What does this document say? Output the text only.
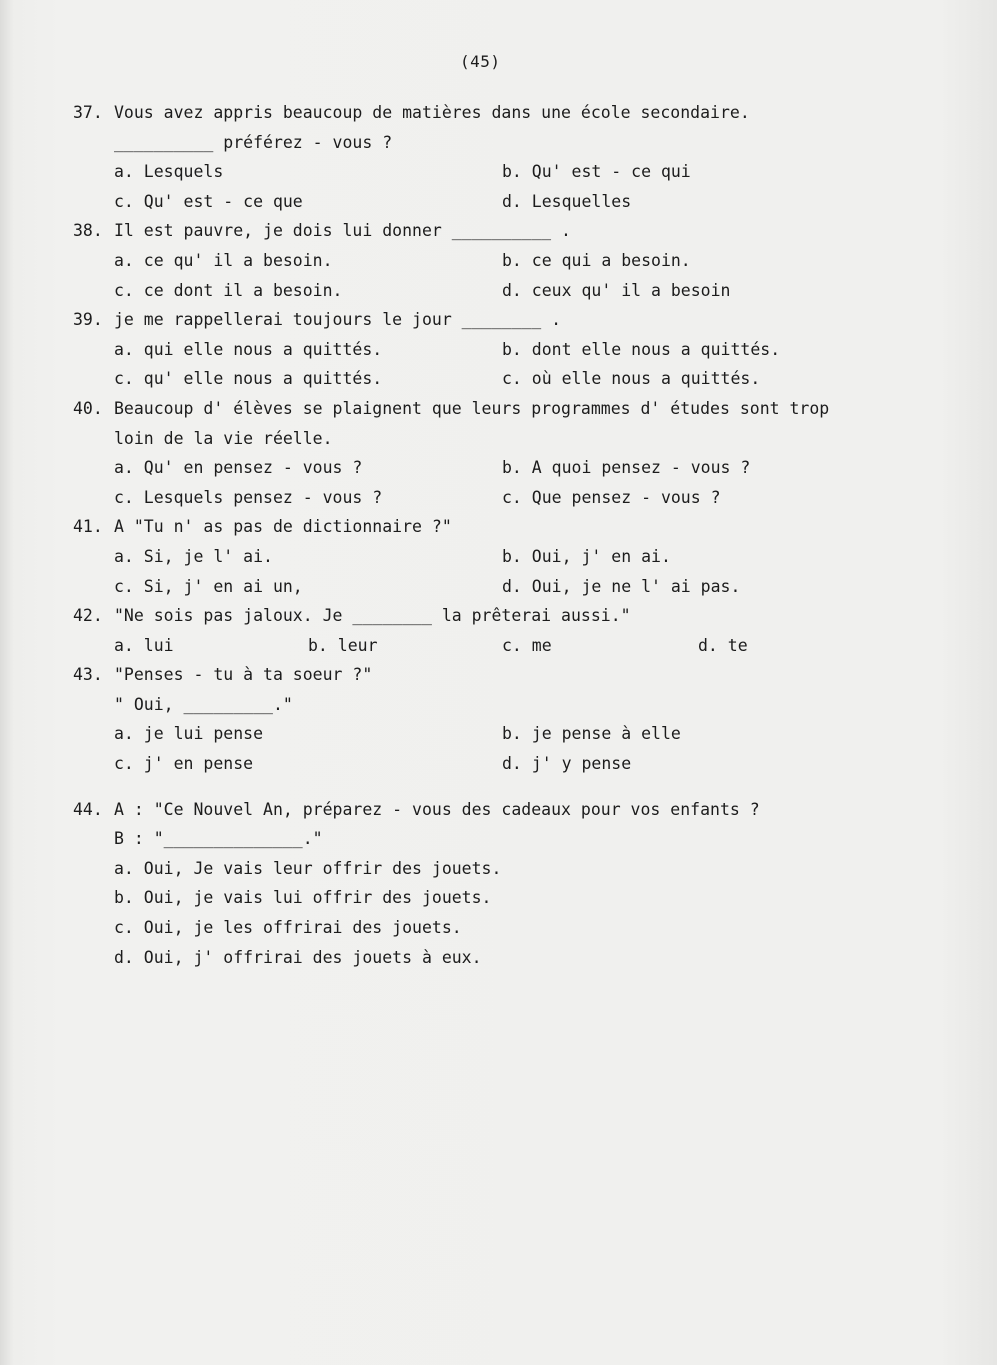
(45)
37. Vous avez appris beaucoup de matières dans une école secondaire.
__________ préférez - vous ?
a. Lesquels	b. Qu' est - ce qui
c. Qu' est - ce que	d. Lesquelles
38. Il est pauvre, je dois lui donner __________ .
a. ce qu' il a besoin.	b. ce qui a besoin.
c. ce dont il a besoin.	d. ceux qu' il a besoin
39. je me rappellerai toujours le jour ________ .
a. qui elle nous a quittés.	b. dont elle nous a quittés.
c. qu' elle nous a quittés.	c. où elle nous a quittés.
40. Beaucoup d' élèves se plaignent que leurs programmes d' études sont trop
loin de la vie réelle.
a. Qu' en pensez - vous ?	b. A quoi pensez - vous ?
c. Lesquels pensez - vous ?	c. Que pensez - vous ?
41. A "Tu n' as pas de dictionnaire ?"
a. Si, je l' ai.	b. Oui, j' en ai.
c. Si, j' en ai un,	d. Oui, je ne l' ai pas.
42. "Ne sois pas jaloux. Je ________ la prêterai aussi."
a. lui	b. leur	c. me	d. te
43. "Penses - tu à ta soeur ?"
" Oui, _________."
a. je lui pense	b. je pense à elle
c. j' en pense	d. j' y pense
44. A : "Ce Nouvel An, préparez - vous des cadeaux pour vos enfants ?
B : "______________."
a. Oui, Je vais leur offrir des jouets.
b. Oui, je vais lui offrir des jouets.
c. Oui, je les offrirai des jouets.
d. Oui, j' offrirai des jouets à eux.
